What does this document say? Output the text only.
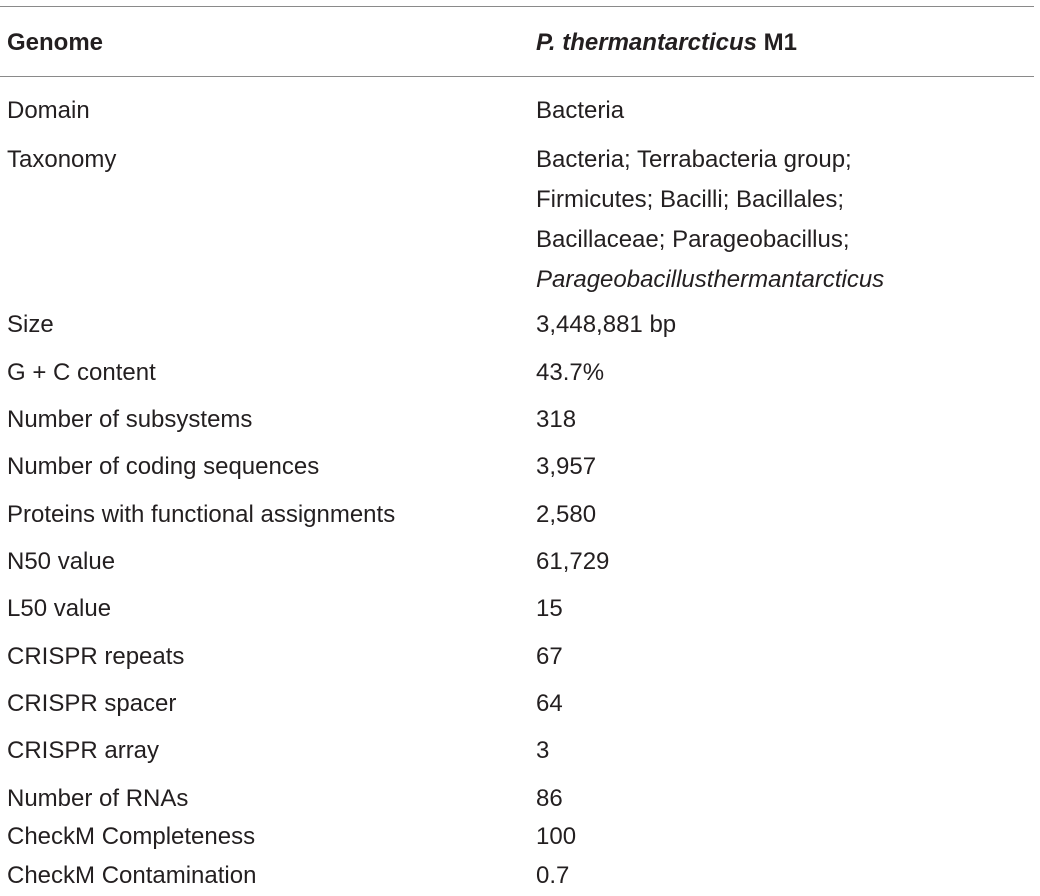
Genome	P. thermantarcticus M1
Domain	Bacteria
Taxonomy	Bacteria; Terrabacteria group;
Firmicutes; Bacilli; Bacillales;
Bacillaceae; Parageobacillus;
Parageobacillusthermantarcticus
Size	3,448,881 bp
G + C content	43.7%
Number of subsystems	318
Number of coding sequences	3,957
Proteins with functional assignments	2,580
N50 value	61,729
L50 value	15
CRISPR repeats	67
CRISPR spacer	64
CRISPR array	3
Number of RNAs	86
CheckM Completeness	100
CheckM Contamination	0.7
